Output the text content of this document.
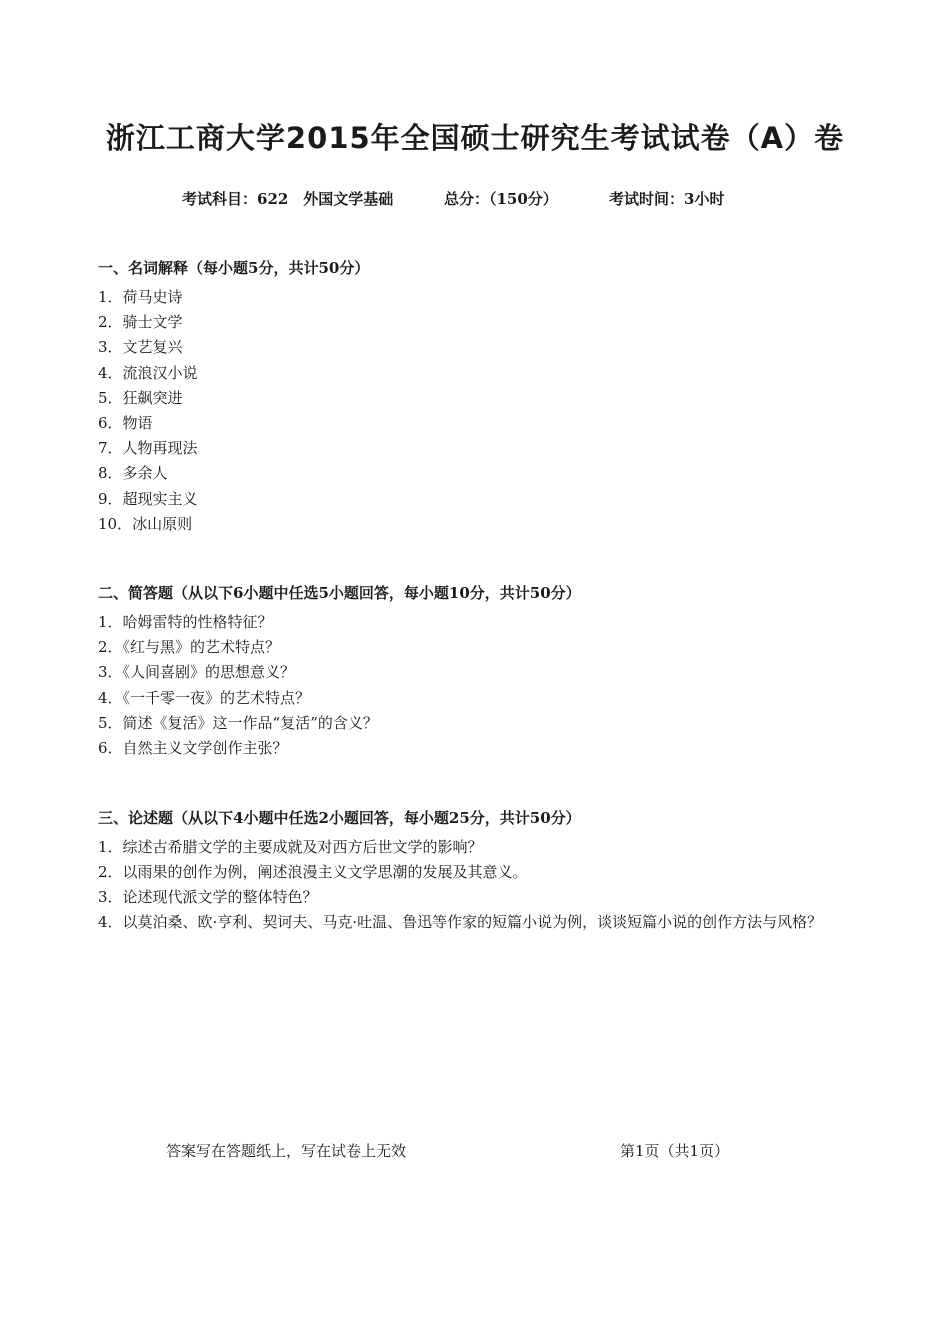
浙江工商大学2015年全国硕士研究生考试试卷（A）卷
考试科目：622　外国文学基础	总分：（150分）	考试时间：3小时
一、名词解释（每小题5分，共计50分）
1．荷马史诗
2．骑士文学
3．文艺复兴
4．流浪汉小说
5．狂飙突进
6．物语
7．人物再现法
8．多余人
9．超现实主义
10．冰山原则
二、简答题（从以下6小题中任选5小题回答，每小题10分，共计50分）
1．哈姆雷特的性格特征？
2．《红与黑》的艺术特点？
3．《人间喜剧》的思想意义？
4．《一千零一夜》的艺术特点？
5．简述《复活》这一作品“复活”的含义？
6．自然主义文学创作主张？
三、论述题（从以下4小题中任选2小题回答，每小题25分，共计50分）
1．综述古希腊文学的主要成就及对西方后世文学的影响？
2．以雨果的创作为例，阐述浪漫主义文学思潮的发展及其意义。
3．论述现代派文学的整体特色？
4．以莫泊桑、欧·亨利、契诃夫、马克·吐温、鲁迅等作家的短篇小说为例，谈谈短篇小说的创作方法与风格？
答案写在答题纸上，写在试卷上无效	第1页（共1页）
